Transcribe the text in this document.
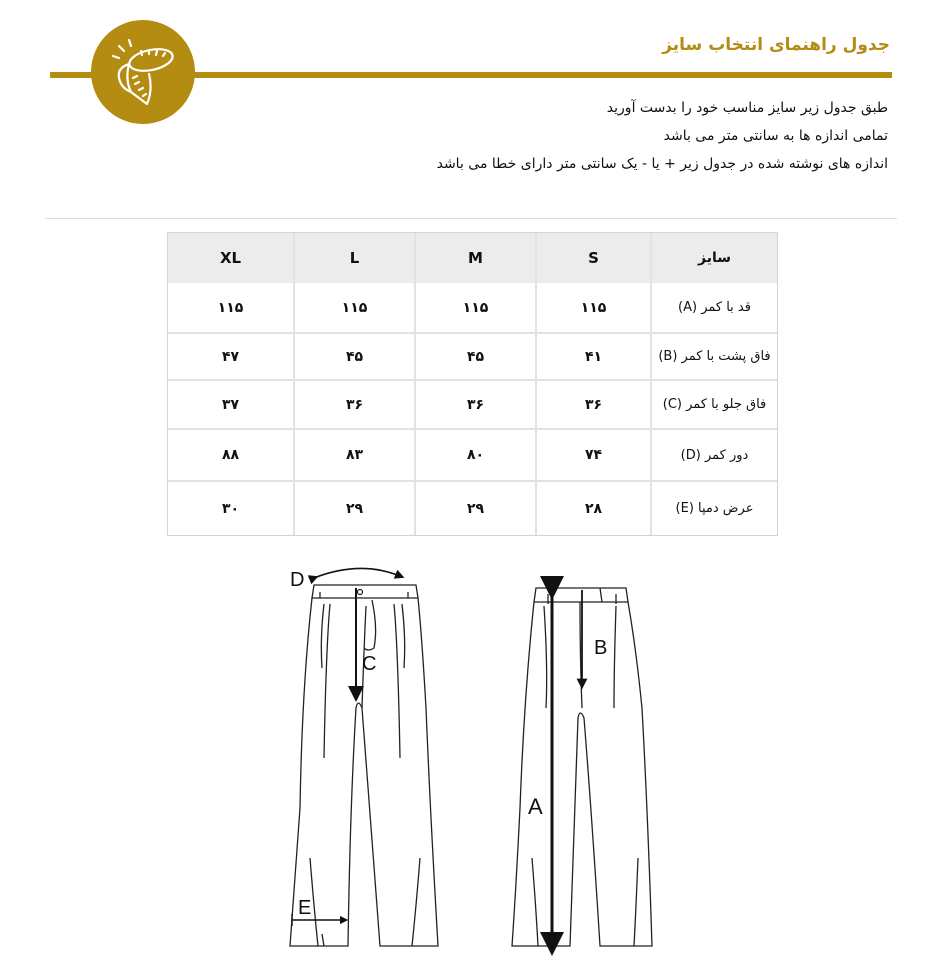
جدول راهنمای انتخاب سایز
طبق جدول زیر سایز مناسب خود را بدست آورید
تمامی اندازه ها به سانتی متر می باشد
اندازه های نوشته شده در جدول زیر + یا - یک سانتی متر دارای خطا می باشد
XL	L	M	S	سایز
۱۱۵	۱۱۵	۱۱۵	۱۱۵	قد با کمر (A)
۴۷	۴۵	۴۵	۴۱	فاق پشت با کمر (B)
۳۷	۳۶	۳۶	۳۶	فاق جلو با کمر (C)
۸۸	۸۳	۸۰	۷۴	دور کمر (D)
۳۰	۲۹	۲۹	۲۸	عرض دمپا (E)
D
C
E
A
B
